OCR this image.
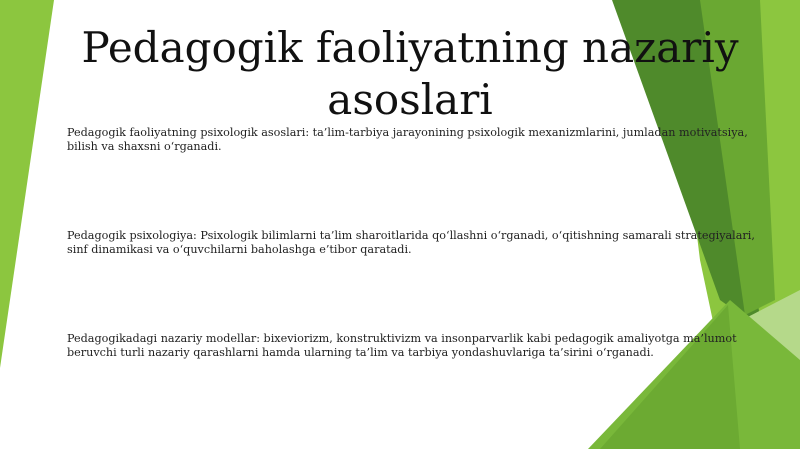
Pedagogik faoliyatning nazariy asoslari

Pedagogik faoliyatning psixologik asoslari: ta’lim-tarbiya jarayonining psixologik mexanizmlarini, jumladan motivatsiya, bilish va shaxsni o‘rganadi.

Pedagogik psixologiya: Psixologik bilimlarni ta’lim sharoitlarida qo‘llashni o‘rganadi, o‘qitishning samarali strategiyalari, sinf dinamikasi va o‘quvchilarni baholashga e’tibor qaratadi.

Pedagogikadagi nazariy modellar: bixeviorizm, konstruktivizm va insonparvarlik kabi pedagogik amaliyotga ma’lumot beruvchi turli nazariy qarashlarni hamda ularning ta’lim va tarbiya yondashuvlariga ta’sirini o‘rganadi.
